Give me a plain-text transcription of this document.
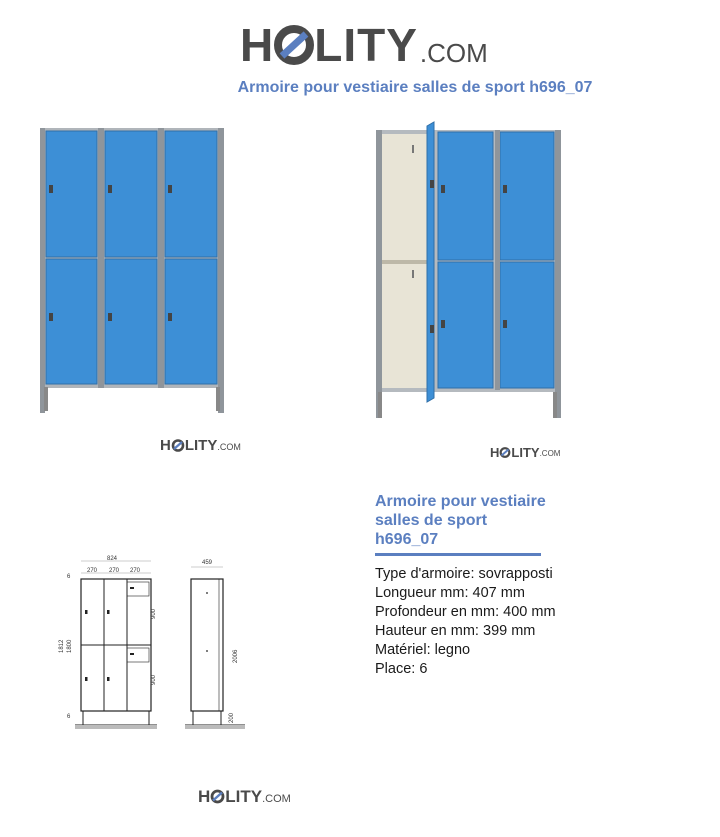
H LITY .COM
Armoire pour vestiaire salles de sport h696_07
H LITY .COM	H LITY .COM
824
270 270 270
6
1812 1800
900
900
6
459
2006
200
Armoire pour vestiaire
salles de sport
h696_07
Type d'armoire: sovrapposti
Longueur mm: 407 mm
Profondeur en mm: 400 mm
Hauteur en mm: 399 mm
Matériel: legno
Place: 6
H LITY .COM
